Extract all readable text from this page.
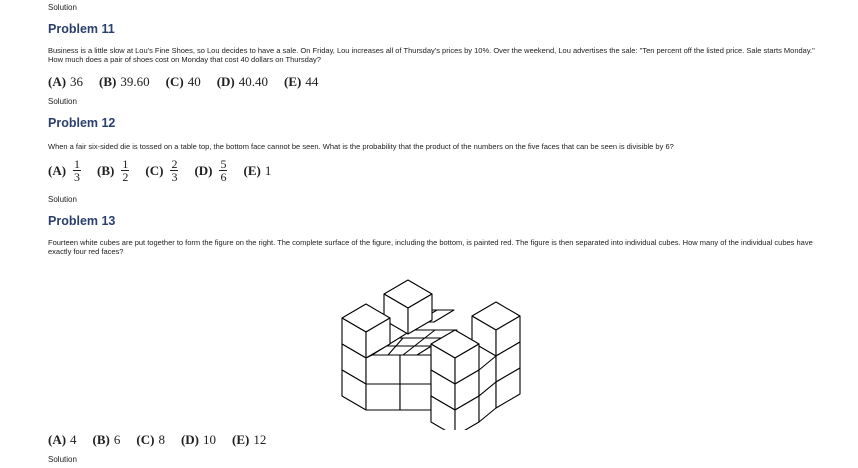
Solution
Problem 11
Business is a little slow at Lou's Fine Shoes, so Lou decides to have a sale. On Friday, Lou increases all of Thursday's prices by 10%. Over the weekend, Lou advertises the sale: "Ten percent off the listed price. Sale starts Monday." How much does a pair of shoes cost on Monday that cost 40 dollars on Thursday?
(A) 36 (B) 39.60 (C) 40 (D) 40.40 (E) 44
Solution
Problem 12
When a fair six-sided die is tossed on a table top, the bottom face cannot be seen. What is the probability that the product of the numbers on the five faces that can be seen is divisible by 6?
$(A) \frac{1}{3} (B) \frac{1}{2} (C) \frac{2}{3} (D) \frac{5}{6} (E)$ 1
Solution
Problem 13
Fourteen white cubes are put together to form the figure on the right. The complete surface of the figure, including the bottom, is painted red. The figure is then separated into individual cubes. How many of the individual cubes have exactly four red faces?
(A) 4 (B) 6 (C) 8 (D) 10 (E) 12
Solution
